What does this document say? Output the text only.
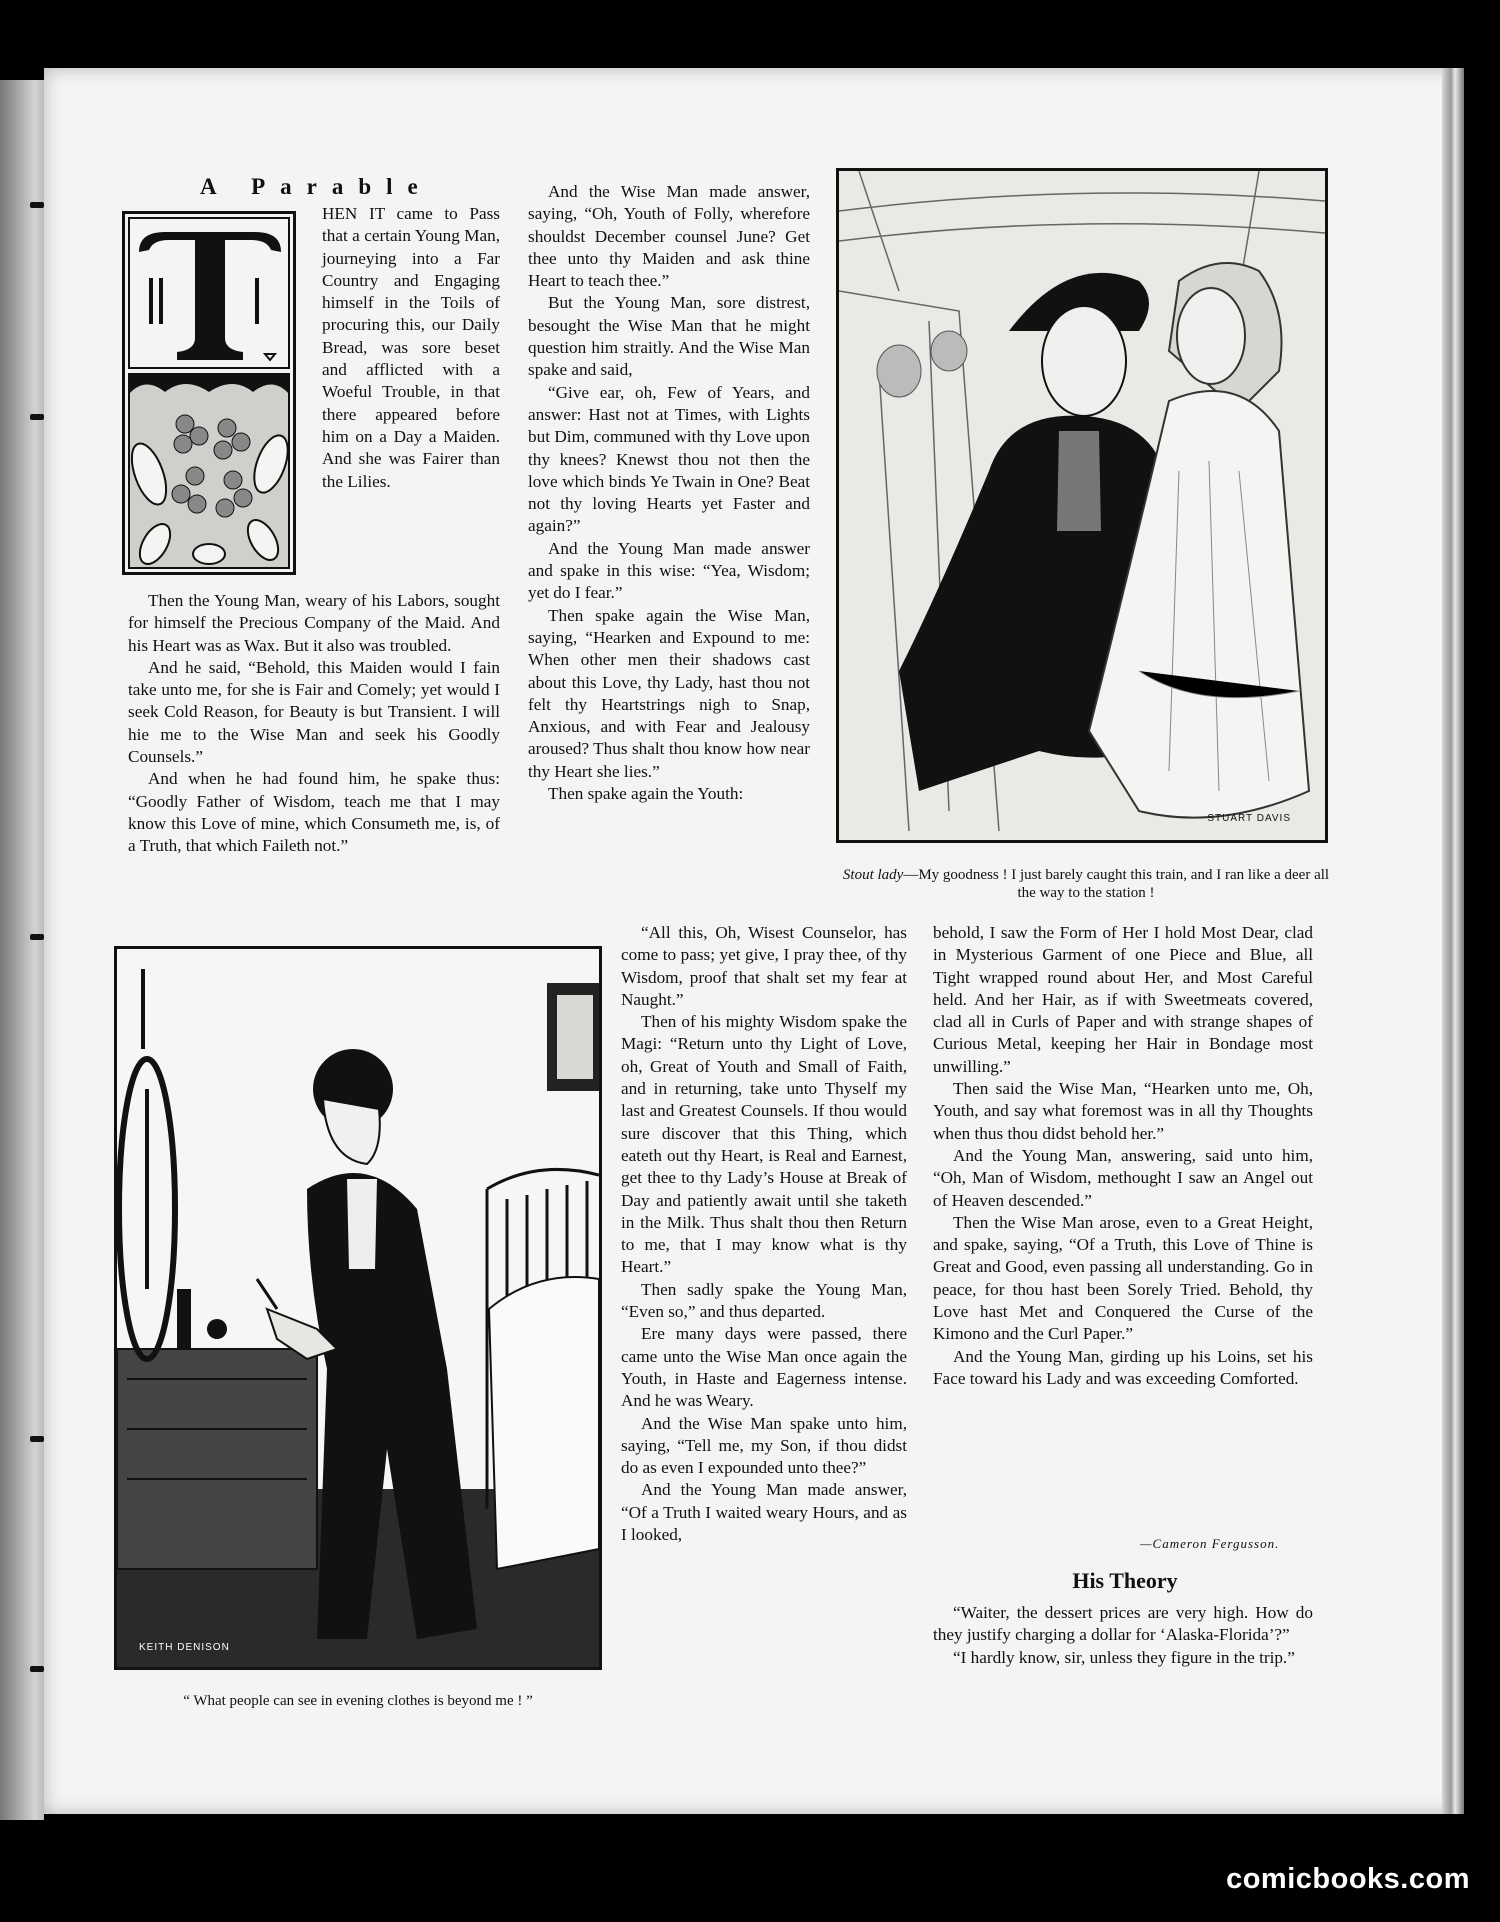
A Parable

HEN IT came to Pass that a certain Young Man, journeying into a Far Country and Engaging himself in the Toils of procuring this, our Daily Bread, was sore beset and afflicted with a Woeful Trouble, in that there appeared before him on a Day a Maiden. And she was Fairer than the Lilies.

Then the Young Man, weary of his Labors, sought for himself the Precious Company of the Maid. And his Heart was as Wax. But it also was troubled.

And he said, “Behold, this Maiden would I fain take unto me, for she is Fair and Comely; yet would I seek Cold Reason, for Beauty is but Transient. I will hie me to the Wise Man and seek his Goodly Counsels.”

And when he had found him, he spake thus: “Goodly Father of Wisdom, teach me that I may know this Love of mine, which Consumeth me, is, of a Truth, that which Faileth not.”

And the Wise Man made answer, saying, “Oh, Youth of Folly, wherefore shouldst December counsel June? Get thee unto thy Maiden and ask thine Heart to teach thee.”

But the Young Man, sore distrest, besought the Wise Man that he might question him straitly. And the Wise Man spake and said,

“Give ear, oh, Few of Years, and answer: Hast not at Times, with Lights but Dim, communed with thy Love upon thy knees? Knewst thou not then the love which binds Ye Twain in One? Beat not thy loving Hearts yet Faster and again?”

And the Young Man made answer and spake in this wise: “Yea, Wisdom; yet do I fear.”

Then spake again the Wise Man, saying, “Hearken and Expound to me: When other men their shadows cast about this Love, thy Lady, hast thou not felt thy Heartstrings nigh to Snap, Anxious, and with Fear and Jealousy aroused? Thus shalt thou know how near thy Heart she lies.”

Then spake again the Youth:

STUART DAVIS
Stout lady—My goodness ! I just barely caught this train, and I ran like a deer all the way to the station !
KEITH DENISON
“ What people can see in evening clothes is beyond me ! ”

“All this, Oh, Wisest Counselor, has come to pass; yet give, I pray thee, of thy Wisdom, proof that shalt set my fear at Naught.”

Then of his mighty Wisdom spake the Magi: “Return unto thy Light of Love, oh, Great of Youth and Small of Faith, and in returning, take unto Thyself my last and Greatest Counsels. If thou would sure discover that this Thing, which eateth out thy Heart, is Real and Earnest, get thee to thy Lady’s House at Break of Day and patiently await until she taketh in the Milk. Thus shalt thou then Return to me, that I may know what is thy Heart.”

Then sadly spake the Young Man, “Even so,” and thus departed.

Ere many days were passed, there came unto the Wise Man once again the Youth, in Haste and Eagerness intense. And he was Weary.

And the Wise Man spake unto him, saying, “Tell me, my Son, if thou didst do as even I expounded unto thee?”

And the Young Man made answer, “Of a Truth I waited weary Hours, and as I looked,

behold, I saw the Form of Her I hold Most Dear, clad in Mysterious Garment of one Piece and Blue, all Tight wrapped round about Her, and Most Careful held. And her Hair, as if with Sweetmeats covered, clad all in Curls of Paper and with strange shapes of Curious Metal, keeping her Hair in Bondage most unwilling.”

Then said the Wise Man, “Hearken unto me, Oh, Youth, and say what foremost was in all thy Thoughts when thus thou didst behold her.”

And the Young Man, answering, said unto him, “Oh, Man of Wisdom, methought I saw an Angel out of Heaven descended.”

Then the Wise Man arose, even to a Great Height, and spake, saying, “Of a Truth, this Love of Thine is Great and Good, even passing all understanding. Go in peace, for thou hast been Sorely Tried. Behold, thy Love hast Met and Conquered the Curse of the Kimono and the Curl Paper.”

And the Young Man, girding up his Loins, set his Face toward his Lady and was exceeding Comforted.

—Cameron Fergusson.
His Theory

“Waiter, the dessert prices are very high. How do they justify charging a dollar for ‘Alaska-Florida’?”

“I hardly know, sir, unless they figure in the trip.”

comicbooks.com
